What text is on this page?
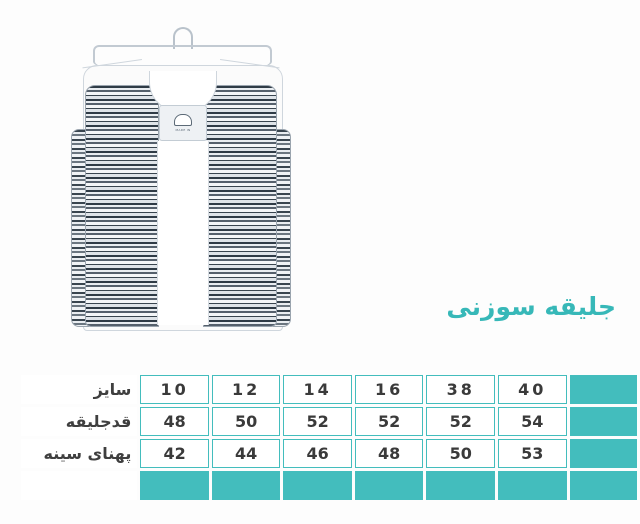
MADE IN
جلیقه سوزنی
	40	38	16	14	12	10	سایز
	54	52	52	52	50	48	قدجلیقه
	53	50	48	46	44	42	پهنای سینه
